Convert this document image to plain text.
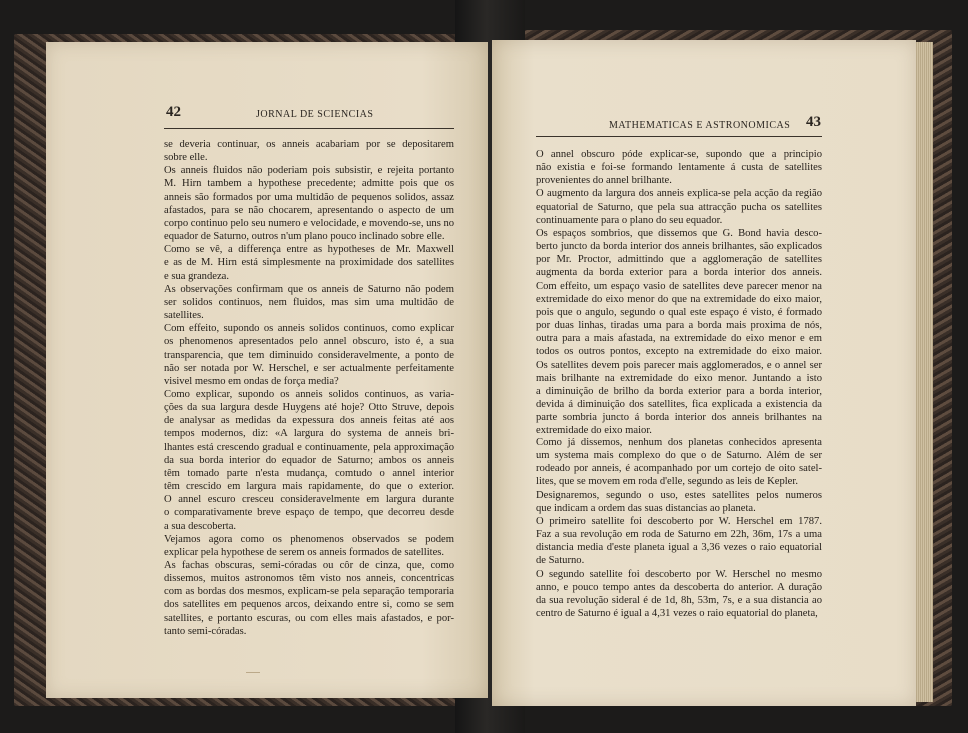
42	JORNAL DE SCIENCIAS
se deveria continuar, os anneis acabariam por se depositarem
sobre elle.
Os anneis fluidos não poderiam pois subsistir, e rejeita portanto
M. Hirn tambem a hypothese precedente; admitte pois que os
anneis são formados por uma multidão de pequenos solidos, assaz
afastados, para se não chocarem, apresentando o aspecto de um
corpo continuo pelo seu numero e velocidade, e movendo-se, uns no
equador de Saturno, outros n'um plano pouco inclinado sobre elle.
Como se vê, a differença entre as hypotheses de Mr. Maxwell
e as de M. Hirn está simplesmente na proximidade dos satellites
e sua grandeza.
As observações confirmam que os anneis de Saturno não podem
ser solidos continuos, nem fluidos, mas sim uma multidão de
satellites.
Com effeito, supondo os anneis solidos continuos, como explicar
os phenomenos apresentados pelo annel obscuro, isto é, a sua
transparencia, que tem diminuido consideravelmente, a ponto de
não ser notada por W. Herschel, e ser actualmente perfeitamente
visivel mesmo em ondas de força media?
Como explicar, supondo os anneis solidos continuos, as varia-
ções da sua largura desde Huygens até hoje? Otto Struve, depois
de analysar as medidas da expessura dos anneis feitas até aos
tempos modernos, diz: «A largura do systema de anneis bri-
lhantes está crescendo gradual e continuamente, pela approximação
da sua borda interior do equador de Saturno; ambos os anneis
têm tomado parte n'esta mudança, comtudo o annel interior
têm crescido em largura mais rapidamente, do que o exterior.
O annel escuro cresceu consideravelmente em largura durante
o comparativamente breve espaço de tempo, que decorreu desde
a sua descoberta.
Vejamos agora como os phenomenos observados se podem
explicar pela hypothese de serem os anneis formados de satellites.
As fachas obscuras, semi-córadas ou côr de cinza, que, como
dissemos, muitos astronomos têm visto nos anneis, concentricas
com as bordas dos mesmos, explicam-se pela separação temporaria
dos satellites em pequenos arcos, deixando entre si, como se sem
satellites, e portanto escuras, ou com elles mais afastados, e por-
tanto semi-córadas.
MATHEMATICAS E ASTRONOMICAS 43
O annel obscuro póde explicar-se, supondo que a principio
não existia e foi-se formando lentamente á custa de satellites
provenientes do annel brilhante.
O augmento da largura dos anneis explica-se pela acção da região
equatorial de Saturno, que pela sua attracção pucha os satellites
continuamente para o plano do seu equador.
Os espaços sombrios, que dissemos que G. Bond havia desco-
berto juncto da borda interior dos anneis brilhantes, são explicados
por Mr. Proctor, admittindo que a agglomeração de satellites
augmenta da borda exterior para a borda interior dos anneis.
Com effeito, um espaço vasio de satellites deve parecer menor na
extremidade do eixo menor do que na extremidade do eixo maior,
pois que o angulo, segundo o qual este espaço é visto, é formado
por duas linhas, tiradas uma para a borda mais proxima de nós,
outra para a mais afastada, na extremidade do eixo menor e em
todos os outros pontos, excepto na extremidade do eixo maior.
Os satellites devem pois parecer mais agglomerados, e o annel ser
mais brilhante na extremidade do eixo menor. Juntando a isto
a diminuição de brilho da borda exterior para a borda interior,
devida á diminuição dos satellites, fica explicada a existencia da
parte sombria juncto á borda interior dos anneis brilhantes na
extremidade do eixo maior.
Como já dissemos, nenhum dos planetas conhecidos apresenta
um systema mais complexo do que o de Saturno. Além de ser
rodeado por anneis, é acompanhado por um cortejo de oito satel-
lites, que se movem em roda d'elle, segundo as leis de Kepler.
Designaremos, segundo o uso, estes satellites pelos numeros
que indicam a ordem das suas distancias ao planeta.
O primeiro satellite foi descoberto por W. Herschel em 1787.
Faz a sua revolução em roda de Saturno em 22h, 36m, 17s a uma
distancia media d'este planeta igual a 3,36 vezes o raio equatorial
de Saturno.
O segundo satellite foi descoberto por W. Herschel no mesmo
anno, e pouco tempo antes da descoberta do anterior. A duração
da sua revolução sideral é de 1d, 8h, 53m, 7s, e a sua distancia ao
centro de Saturno é igual a 4,31 vezes o raio equatorial do planeta,
